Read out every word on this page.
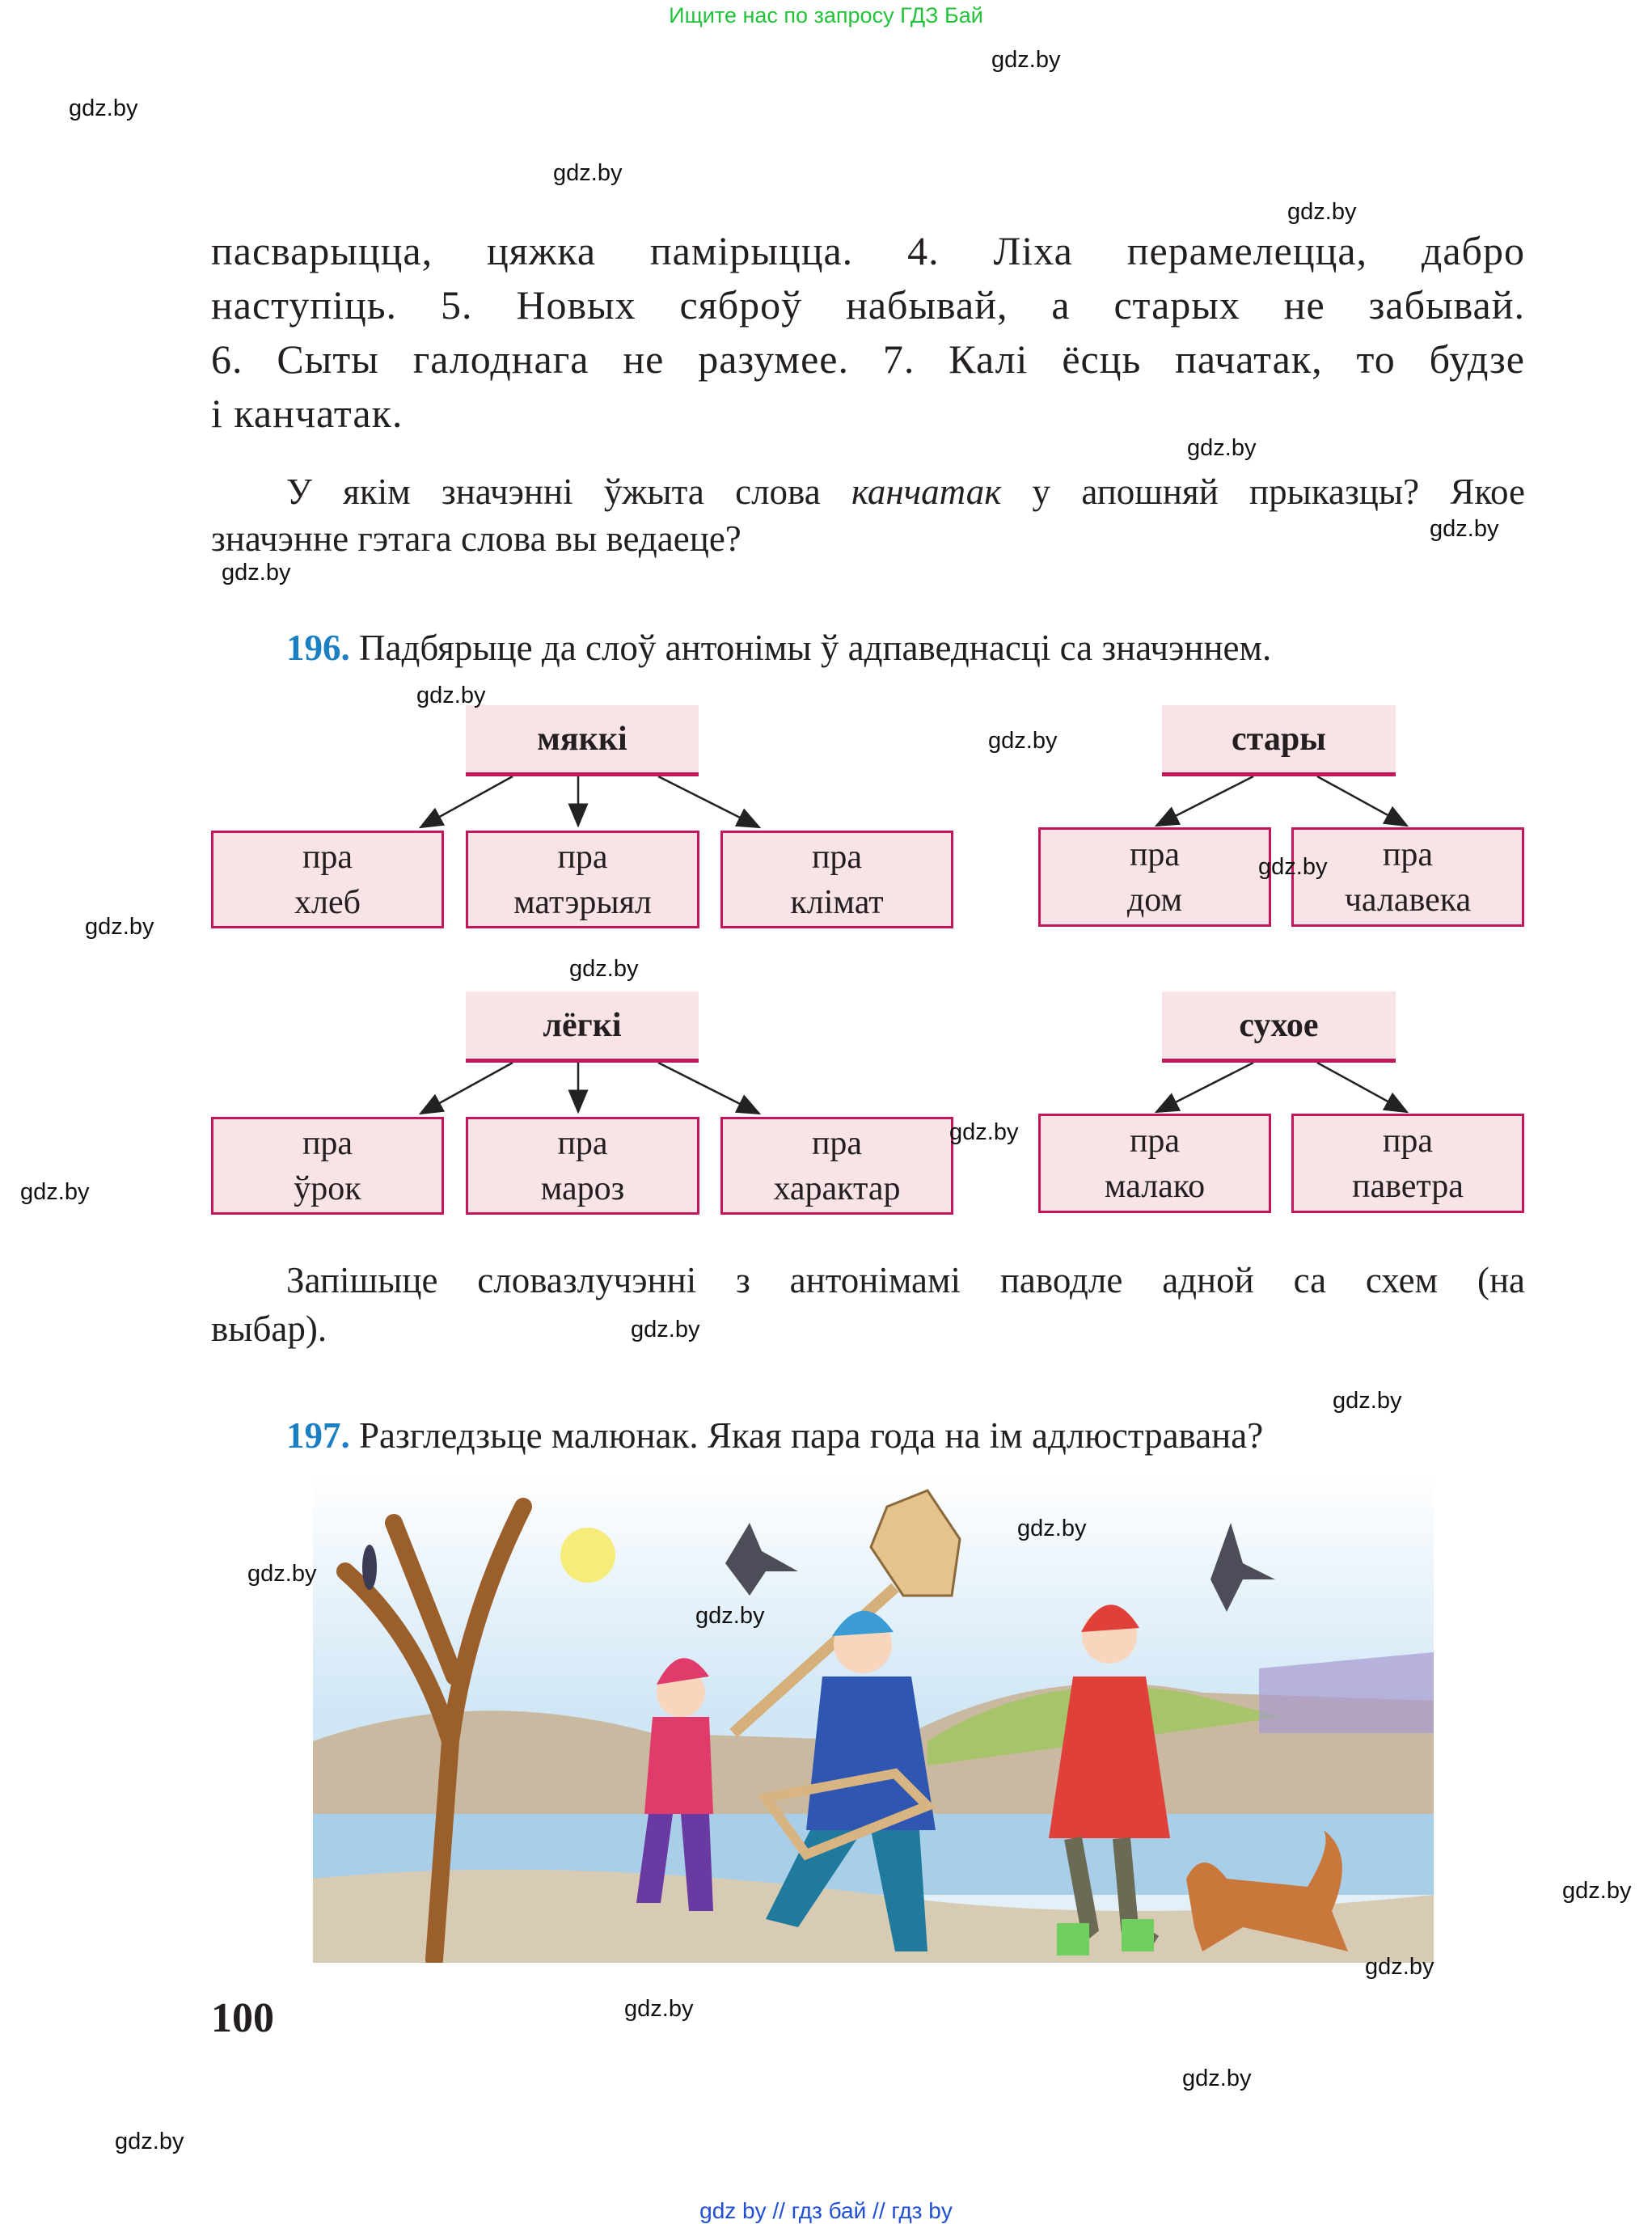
Ищите нас по запросу ГДЗ Бай
пасварыцца, цяжка памірыцца. 4. Ліха перамелецца, дабро
наступіць. 5. Новых сяброў набывай, а старых не забывай.
6. Сыты галоднага не разумее. 7. Калі ёсць пачатак, то будзе
і канчатак.
У якім значэнні ўжыта слова канчатак у апошняй прыказцы? Якое
значэнне гэтага слова вы ведаеце?
196. Падбярыце да слоў антонімы ў адпаведнасці са значэннем.
мяккі
пра
хлеб
пра
матэрыял
пра
клімат
стары
пра
дом
пра
чалавека
лёгкі
пра
ўрок
пра
мароз
пра
характар
сухое
пра
малако
пра
паветра
Запішыце словазлучэнні з антонімамі паводле адной са схем (на
выбар).
197. Разгледзьце малюнак. Якая пара года на ім адлюстравана?
100
gdz by // гдз бай // гдз by
gdz.by
gdz.by
gdz.by
gdz.by
gdz.by
gdz.by
gdz.by
gdz.by
gdz.by
gdz.by
gdz.by
gdz.by
gdz.by
gdz.by
gdz.by
gdz.by
gdz.by
gdz.by
gdz.by
gdz.by
gdz.by
gdz.by
gdz.by
gdz.by
